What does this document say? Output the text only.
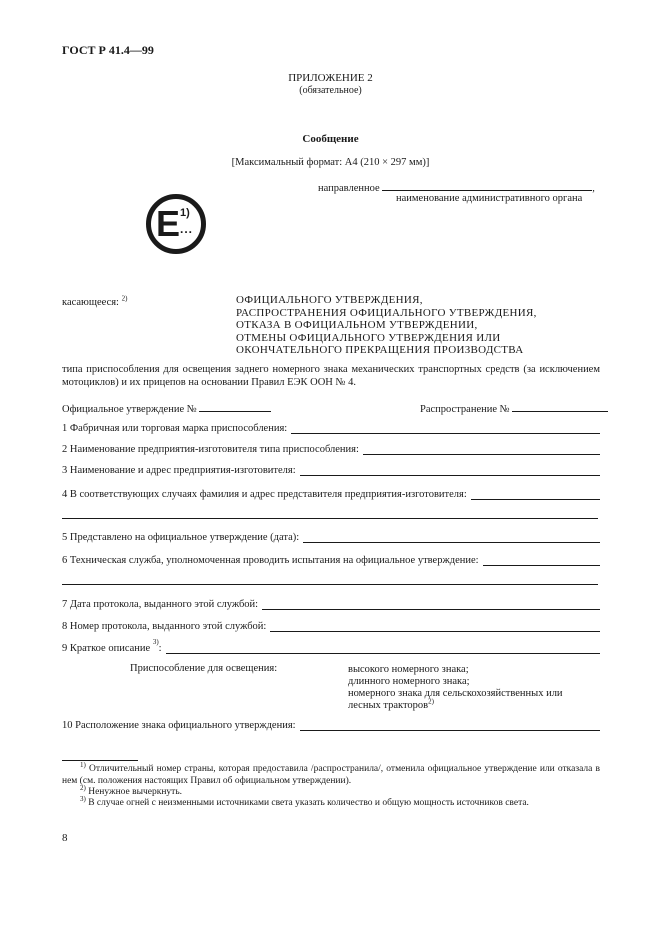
ГОСТ Р 41.4—99
ПРИЛОЖЕНИЕ 2
(обязательное)
Сообщение
[Максимальный формат: А4 (210 × 297 мм)]
направленное	,
наименование административного органа
E 1)
...
касающееся: $^{2)}$	ОФИЦИАЛЬНОГО УТВЕРЖДЕНИЯ,
РАСПРОСТРАНЕНИЯ ОФИЦИАЛЬНОГО УТВЕРЖДЕНИЯ,
ОТКАЗА В ОФИЦИАЛЬНОМ УТВЕРЖДЕНИИ,
ОТМЕНЫ ОФИЦИАЛЬНОГО УТВЕРЖДЕНИЯ ИЛИ
ОКОНЧАТЕЛЬНОГО ПРЕКРАЩЕНИЯ ПРОИЗВОДСТВА
типа приспособления для освещения заднего номерного знака механических транспортных средств (за исключением мотоциклов) и их прицепов на основании Правил ЕЭК ООН № 4.
Официальное утверждение №	Распространение №
1 Фабричная или торговая марка приспособления:
2 Наименование предприятия-изготовителя типа приспособления:
3 Наименование и адрес предприятия-изготовителя:
4 В соответствующих случаях фамилия и адрес представителя предприятия-изготовителя:
5 Представлено на официальное утверждение (дата):
6 Техническая служба, уполномоченная проводить испытания на официальное утверждение:
7 Дата протокола, выданного этой службой:
8 Номер протокола, выданного этой службой:
9 Краткое описание

3)
:
Приспособление для освещения:	высокого номерного знака;
длинного номерного знака;
номерного знака для сельскохозяйственных или
лесных тракторов$^{2)}$
10 Расположение знака официального утверждения:
$^{1)}$ Отличительный номер страны, которая предоставила /распространила/, отменила официальное утверждение или отказала в нем (см. положения настоящих Правил об официальном утверждении).
$^{2)}$ Ненужное вычеркнуть.
$^{3)}$ В случае огней с неизменными источниками света указать количество и общую мощность источников света.
8
